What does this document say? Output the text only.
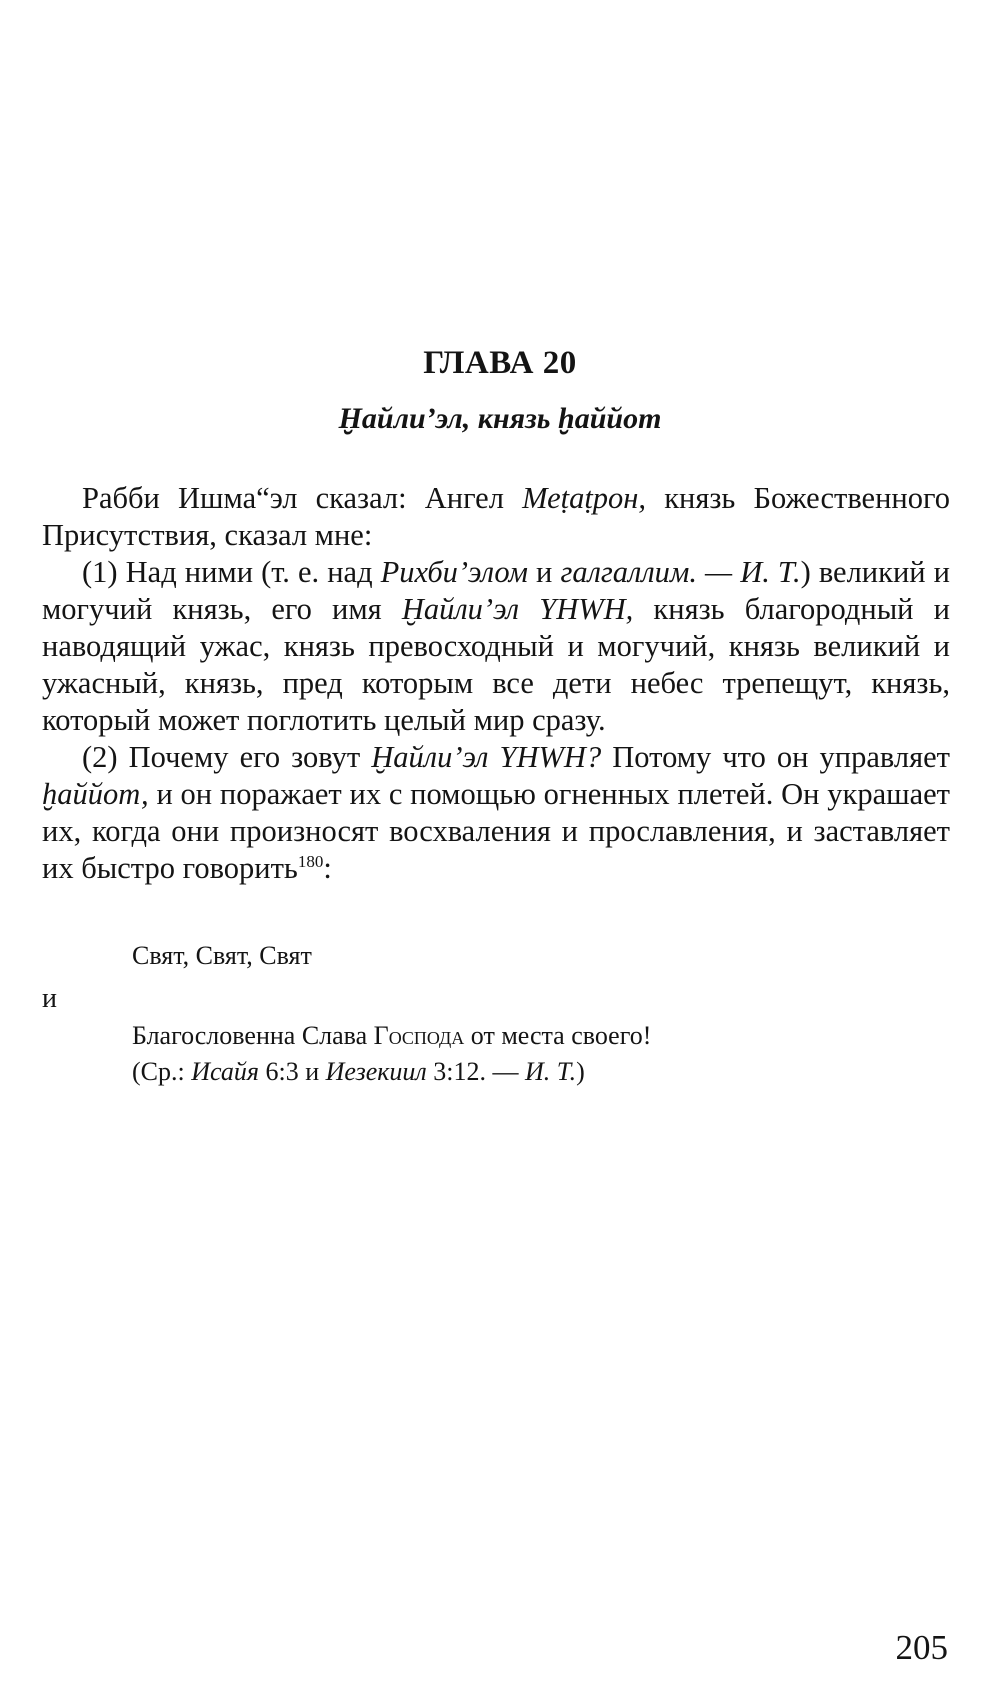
ГЛАВА 20
Ḫайли’эл, князь ḫаййот

Рабби Ишма“эл сказал: Ангел Меṭаṭрон, князь Божественного Присутствия, сказал мне:

(1) Над ними (т. е. над Рихби’элом и галгаллим. — И. Т.) великий и могучий князь, его имя Ḫайли’эл YHWH, князь благородный и наводящий ужас, князь превосходный и могучий, князь великий и ужасный, князь, пред которым все дети небес трепещут, князь, который может поглотить целый мир сразу.

(2) Почему его зовут Ḫайли’эл YHWH? Потому что он управляет ḫаййот, и он поражает их с помощью огненных плетей. Он украшает их, когда они произносят восхваления и прославления, и заставляет их быстро говорить$^{180}$:

Свят, Свят, Свят
и
Благословенна Слава Господа от места своего!
(Ср.: Исайя 6:3 и Иезекиил 3:12. — И. Т.)
205
